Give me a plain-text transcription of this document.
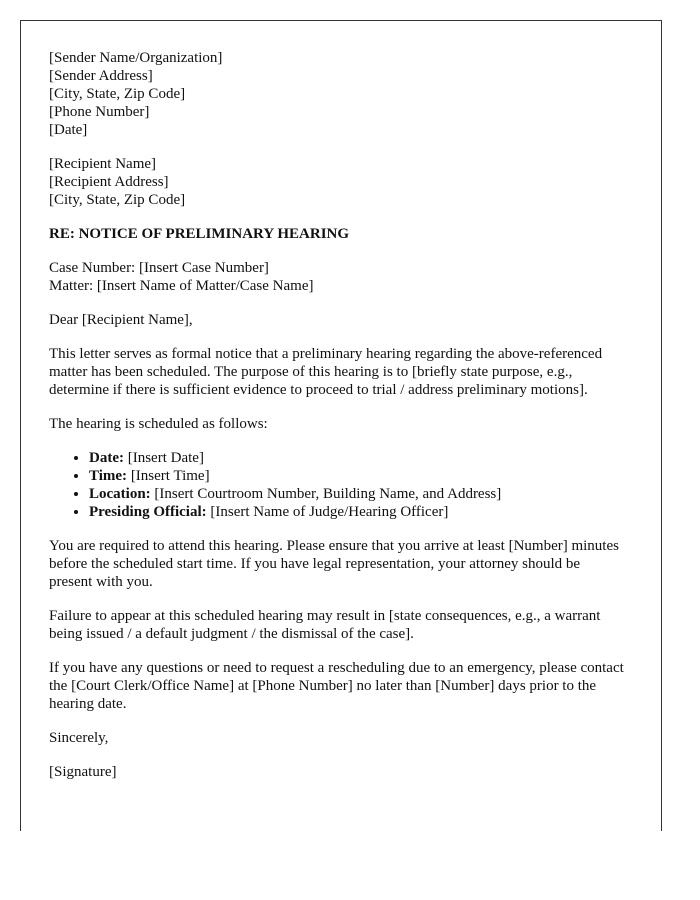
[Sender Name/Organization]
[Sender Address]
[City, State, Zip Code]
[Phone Number]
[Date]

[Recipient Name]
[Recipient Address]
[City, State, Zip Code]

RE: NOTICE OF PRELIMINARY HEARING

Case Number: [Insert Case Number]
Matter: [Insert Name of Matter/Case Name]

Dear [Recipient Name],

This letter serves as formal notice that a preliminary hearing regarding the above-referenced matter has been scheduled. The purpose of this hearing is to [briefly state purpose, e.g., determine if there is sufficient evidence to proceed to trial / address preliminary motions].

The hearing is scheduled as follows:

• Date: [Insert Date]
• Time: [Insert Time]
• Location: [Insert Courtroom Number, Building Name, and Address]
• Presiding Official: [Insert Name of Judge/Hearing Officer]

You are required to attend this hearing. Please ensure that you arrive at least [Number] minutes before the scheduled start time. If you have legal representation, your attorney should be present with you.

Failure to appear at this scheduled hearing may result in [state consequences, e.g., a warrant being issued / a default judgment / the dismissal of the case].

If you have any questions or need to request a rescheduling due to an emergency, please contact the [Court Clerk/Office Name] at [Phone Number] no later than [Number] days prior to the hearing date.

Sincerely,

[Signature]
